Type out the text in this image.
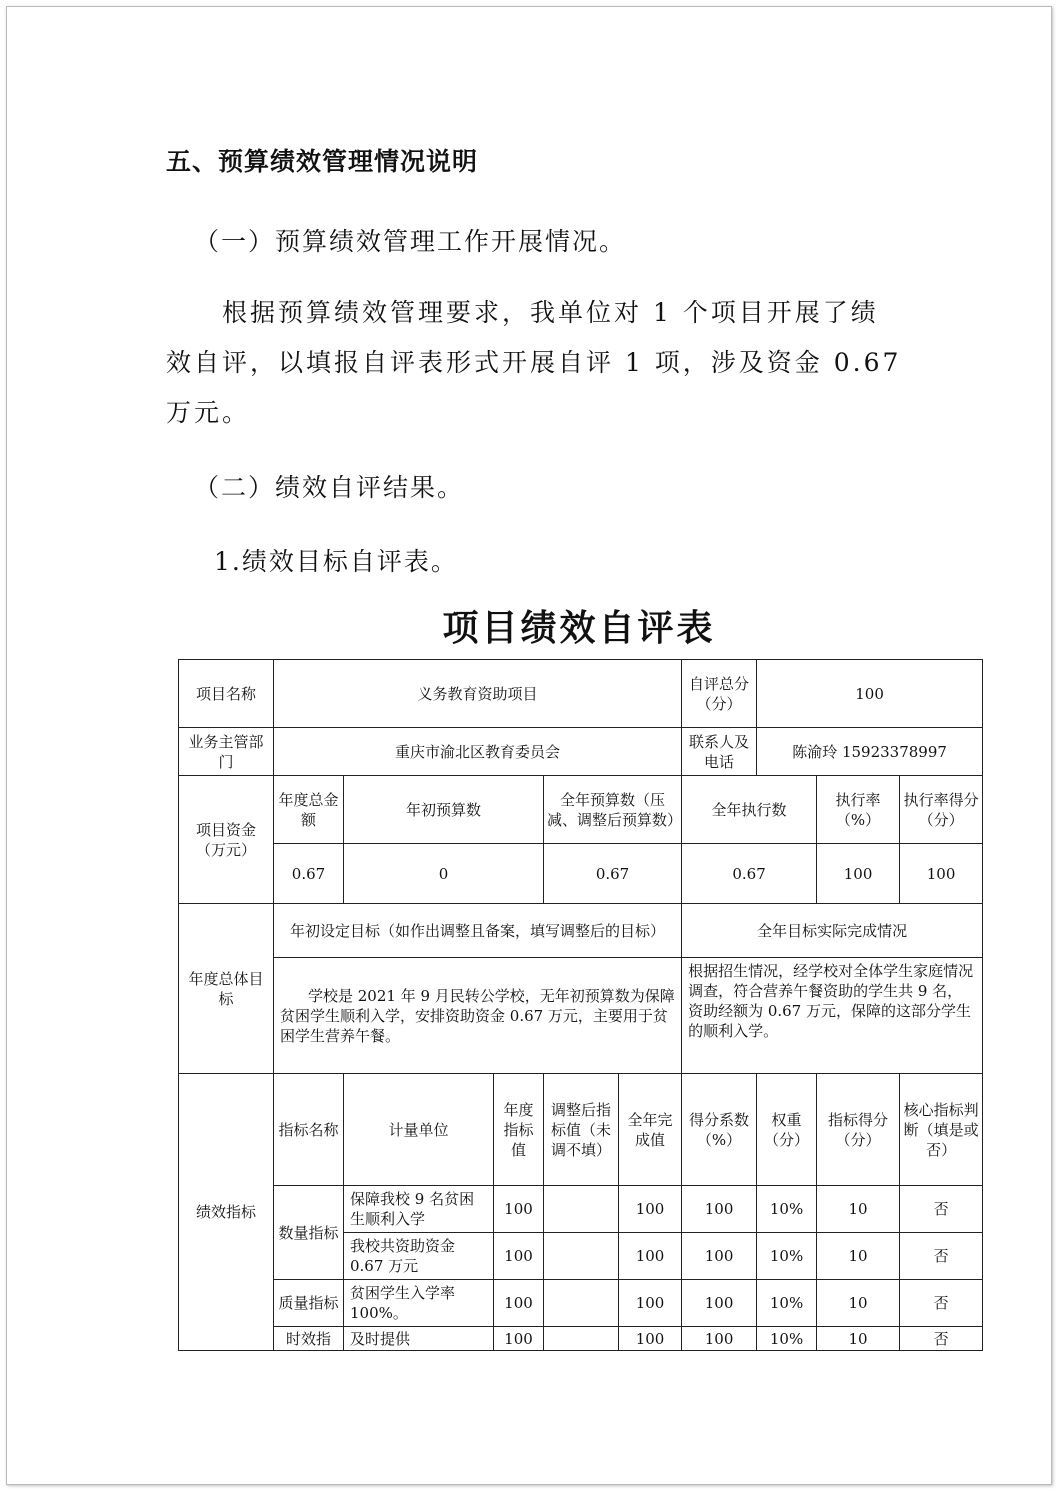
五、预算绩效管理情况说明
（一）预算绩效管理工作开展情况。
根据预算绩效管理要求，我单位对 1 个项目开展了绩效自评，以填报自评表形式开展自评 1 项，涉及资金 0.67 万元。
（二）绩效自评结果。
1.绩效目标自评表。
项目绩效自评表
项目名称	义务教育资助项目					自评总分（分）	100		
业务主管部门	重庆市渝北区教育委员会					联系人及电话	陈渝玲 15923378997		
项目资金（万元）	年度总金额	年初预算数		全年预算数（压减、调整后预算数）		全年执行数		执行率（%）	执行率得分（分）
	0.67	0		0.67		0.67		100	100
年度总体目标	年初设定目标（如作出调整且备案，填写调整后的目标）					全年目标实际完成情况			
	学校是 2021 年 9 月民转公学校，无年初预算数为保障贫困学生顺利入学，安排资助资金 0.67 万元，主要用于贫困学生营养午餐。					根据招生情况，经学校对全体学生家庭情况调查，符合营养午餐资助的学生共 9 名，资助经额为 0.67 万元，保障的这部分学生的顺利入学。			
绩效指标	指标名称	计量单位	年度指标值	调整后指标值（未调不填）	全年完成值	得分系数（%）	权重（分）	指标得分（分）	核心指标判断（填是或否）
	数量指标	保障我校 9 名贫困生顺利入学	100		100	100	10%	10	否
		我校共资助资金 0.67 万元	100		100	100	10%	10	否
	质量指标	贫困学生入学率 100%。	100		100	100	10%	10	否
	时效指	及时提供	100		100	100	10%	10	否
